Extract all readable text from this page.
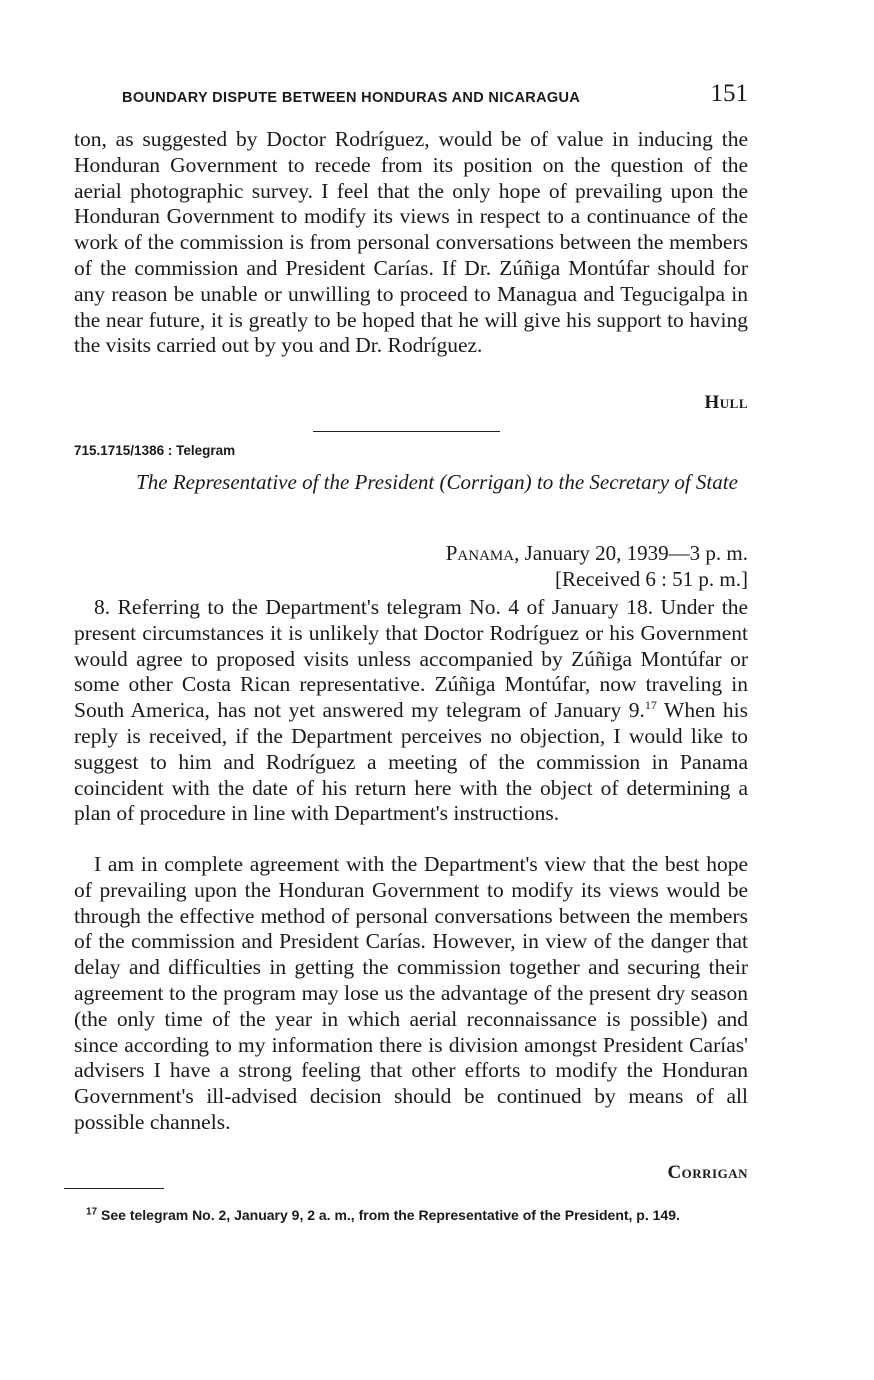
BOUNDARY DISPUTE BETWEEN HONDURAS AND NICARAGUA	151

ton, as suggested by Doctor Rodríguez, would be of value in inducing the Honduran Government to recede from its position on the question of the aerial photographic survey. I feel that the only hope of prevailing upon the Honduran Government to modify its views in respect to a continuance of the work of the commission is from personal conversations between the members of the commission and President Carías. If Dr. Zúñiga Montúfar should for any reason be unable or unwilling to proceed to Managua and Tegucigalpa in the near future, it is greatly to be hoped that he will give his support to having the visits carried out by you and Dr. Rodríguez.

Hull
715.1715/1386 : Telegram
The Representative of the President (Corrigan) to the Secretary of State
Panama, January 20, 1939—3 p. m.
[Received 6 : 51 p. m.]

8. Referring to the Department's telegram No. 4 of January 18. Under the present circumstances it is unlikely that Doctor Rodríguez or his Government would agree to proposed visits unless accompanied by Zúñiga Montúfar or some other Costa Rican representative. Zúñiga Montúfar, now traveling in South America, has not yet answered my telegram of January 9.17 When his reply is received, if the Department perceives no objection, I would like to suggest to him and Rodríguez a meeting of the commission in Panama coincident with the date of his return here with the object of determining a plan of procedure in line with Department's instructions.

I am in complete agreement with the Department's view that the best hope of prevailing upon the Honduran Government to modify its views would be through the effective method of personal conversations between the members of the commission and President Carías. However, in view of the danger that delay and difficulties in getting the commission together and securing their agreement to the program may lose us the advantage of the present dry season (the only time of the year in which aerial reconnaissance is possible) and since according to my information there is division amongst President Carías' advisers I have a strong feeling that other efforts to modify the Honduran Government's ill-advised decision should be continued by means of all possible channels.

Corrigan
$^{17}$ See telegram No. 2, January 9, 2 a. m., from the Representative of the President, p. 149.
